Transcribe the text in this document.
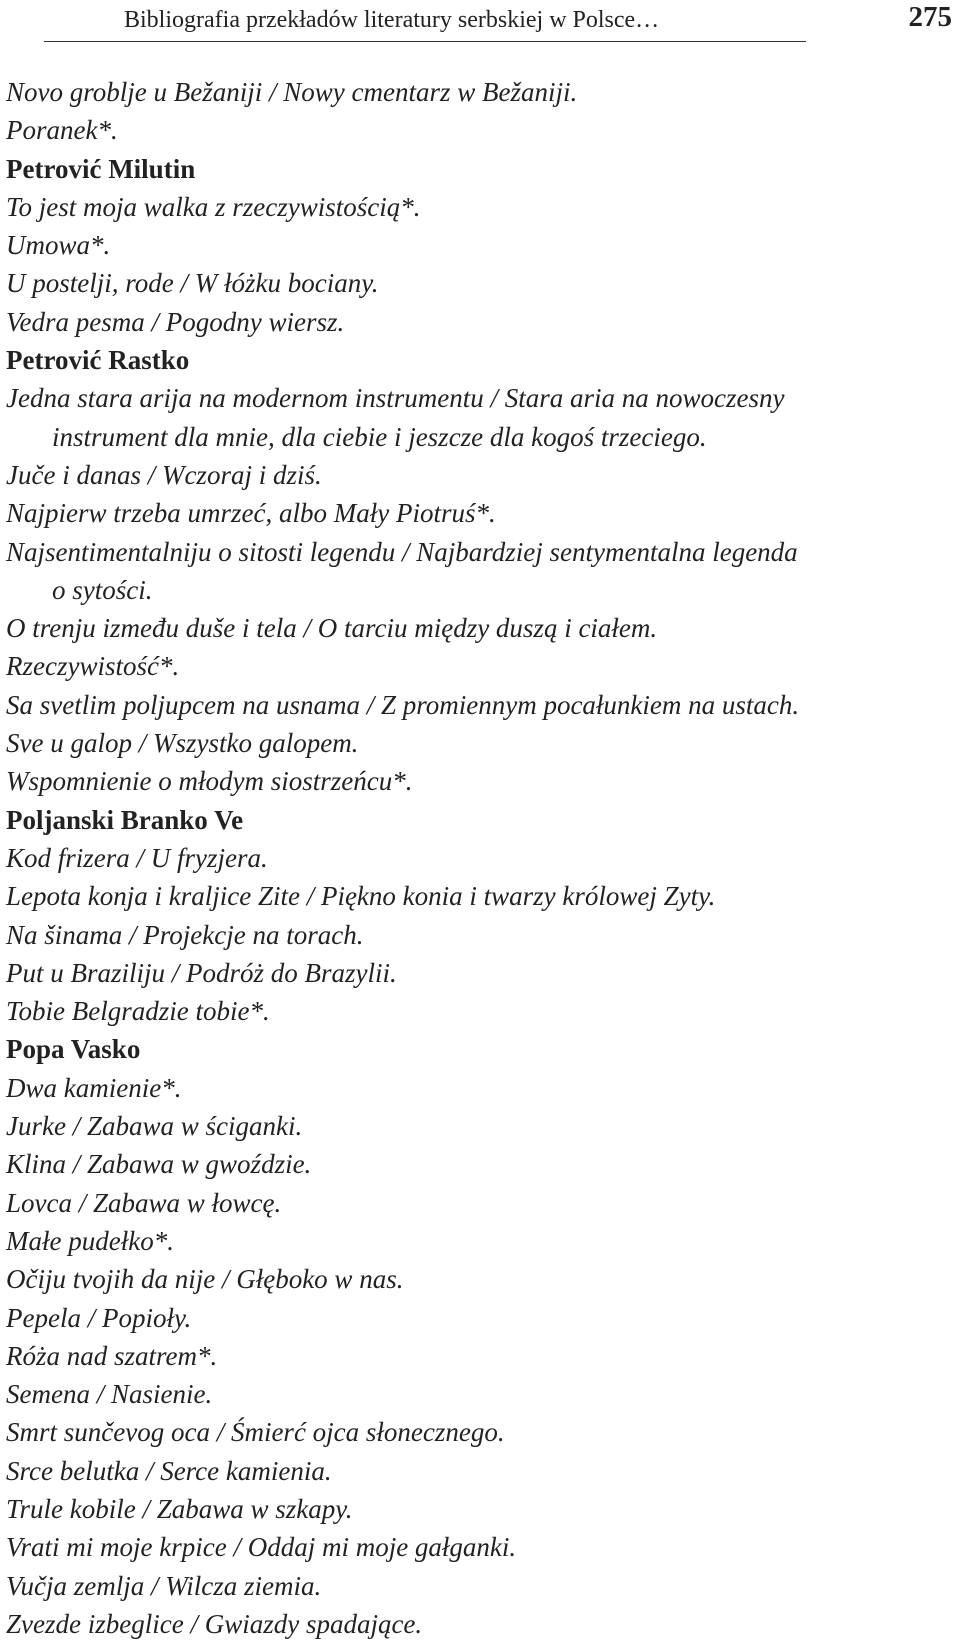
Bibliografia przekładów literatury serbskiej w Polsce…	275
Novo groblje u Bežaniji / Nowy cmentarz w Bežaniji.
Poranek*.
Petrović Milutin
To jest moja walka z rzeczywistością*.
Umowa*.
U postelji, rode / W łóżku bociany.
Vedra pesma / Pogodny wiersz.
Petrović Rastko
Jedna stara arija na modernom instrumentu / Stara aria na nowoczesny
instrument dla mnie, dla ciebie i jeszcze dla kogoś trzeciego.
Juče i danas / Wczoraj i dziś.
Najpierw trzeba umrzeć, albo Mały Piotruś*.
Najsentimentalniju o sitosti legendu / Najbardziej sentymentalna legenda
o sytości.
O trenju između duše i tela / O tarciu między duszą i ciałem.
Rzeczywistość*.
Sa svetlim poljupcem na usnama / Z promiennym pocałunkiem na ustach.
Sve u galop / Wszystko galopem.
Wspomnienie o młodym siostrzeńcu*.
Poljanski Branko Ve
Kod frizera / U fryzjera.
Lepota konja i kraljice Zite / Piękno konia i twarzy królowej Zyty.
Na šinama / Projekcje na torach.
Put u Braziliju / Podróż do Brazylii.
Tobie Belgradzie tobie*.
Popa Vasko
Dwa kamienie*.
Jurke / Zabawa w ściganki.
Klina / Zabawa w gwoździe.
Lovca / Zabawa w łowcę.
Małe pudełko*.
Očiju tvojih da nije / Głęboko w nas.
Pepela / Popioły.
Róża nad szatrem*.
Semena / Nasienie.
Smrt sunčevog oca / Śmierć ojca słonecznego.
Srce belutka / Serce kamienia.
Trule kobile / Zabawa w szkapy.
Vrati mi moje krpice / Oddaj mi moje gałganki.
Vučja zemlja / Wilcza ziemia.
Zvezde izbeglice / Gwiazdy spadające.
